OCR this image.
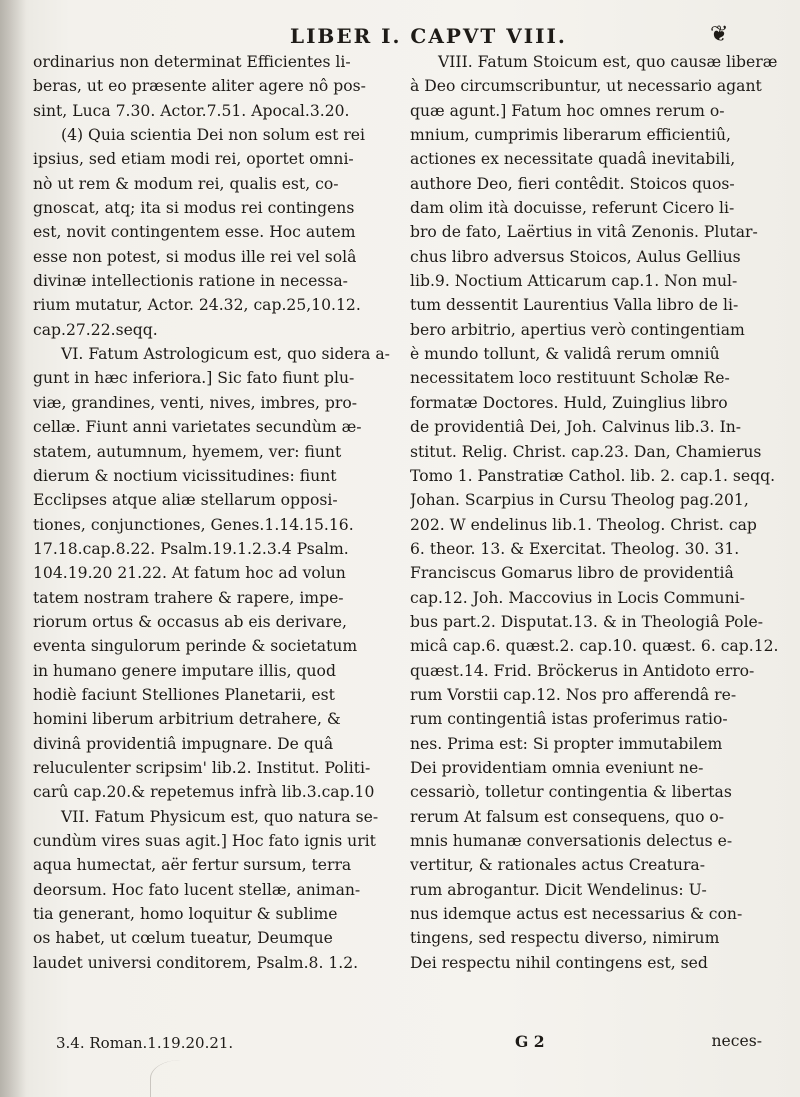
LIBER I. CAPVT VIII.	❦
ordinarius non determinat Efficientes li-
beras, ut eo præsente aliter agere nô pos-
sint, Luca 7.30. Actor.7.51. Apocal.3.20.
(4) Quia scientia Dei non solum est rei
ipsius, sed etiam modi rei, oportet omni-
nò ut rem & modum rei, qualis est, co-
gnoscat, atq; ita si modus rei contingens
est, novit contingentem esse. Hoc autem
esse non potest, si modus ille rei vel solâ
divinæ intellectionis ratione in necessa-
rium mutatur, Actor. 24.32, cap.25,10.12.
cap.27.22.seqq.
VI. Fatum Astrologicum est, quo sidera a-
gunt in hæc inferiora.] Sic fato fiunt plu-
viæ, grandines, venti, nives, imbres, pro-
cellæ. Fiunt anni varietates secundùm æ-
statem, autumnum, hyemem, ver: fiunt
dierum & noctium vicissitudines: fiunt
Ecclipses atque aliæ stellarum opposi-
tiones, conjunctiones, Genes.1.14.15.16.
17.18.cap.8.22. Psalm.19.1.2.3.4 Psalm.
104.19.20 21.22. At fatum hoc ad volun
tatem nostram trahere & rapere, impe-
riorum ortus & occasus ab eis derivare,
eventa singulorum perinde & societatum
in humano genere imputare illis, quod
hodiè faciunt Stelliones Planetarii, est
homini liberum arbitrium detrahere, &
divinâ providentiâ impugnare. De quâ
reluculenter scripsim' lib.2. Institut. Politi-
carû cap.20.& repetemus infrà lib.3.cap.10
VII. Fatum Physicum est, quo natura se-
cundùm vires suas agit.] Hoc fato ignis urit
aqua humectat, aër fertur sursum, terra
deorsum. Hoc fato lucent stellæ, animan-
tia generant, homo loquitur & sublime
os habet, ut cœlum tueatur, Deumque
laudet universi conditorem, Psalm.8. 1.2.
VIII. Fatum Stoicum est, quo causæ liberæ
à Deo circumscribuntur, ut necessario agant
quæ agunt.] Fatum hoc omnes rerum o-
mnium, cumprimis liberarum efficientiû,
actiones ex necessitate quadâ inevitabili,
authore Deo, fieri contêdit. Stoicos quos-
dam olim ità docuisse, referunt Cicero li-
bro de fato, Laërtius in vitâ Zenonis. Plutar-
chus libro adversus Stoicos, Aulus Gellius
lib.9. Noctium Atticarum cap.1. Non mul-
tum dessentit Laurentius Valla libro de li-
bero arbitrio, apertius verò contingentiam
è mundo tollunt, & validâ rerum omniû
necessitatem loco restituunt Scholæ Re-
formatæ Doctores. Huld, Zuinglius libro
de providentiâ Dei, Joh. Calvinus lib.3. In-
stitut. Relig. Christ. cap.23. Dan, Chamierus
Tomo 1. Panstratiæ Cathol. lib. 2. cap.1. seqq.
Johan. Scarpius in Cursu Theolog pag.201,
202. W endelinus lib.1. Theolog. Christ. cap
6. theor. 13. & Exercitat. Theolog. 30. 31.
Franciscus Gomarus libro de providentiâ
cap.12. Joh. Maccovius in Locis Communi-
bus part.2. Disputat.13. & in Theologiâ Pole-
micâ cap.6. quæst.2. cap.10. quæst. 6. cap.12.
quæst.14. Frid. Bröckerus in Antidoto erro-
rum Vorstii cap.12. Nos pro afferendâ re-
rum contingentiâ istas proferimus ratio-
nes. Prima est: Si propter immutabilem
Dei providentiam omnia eveniunt ne-
cessariò, tolletur contingentia & libertas
rerum At falsum est consequens, quo o-
mnis humanæ conversationis delectus e-
vertitur, & rationales actus Creatura-
rum abrogantur. Dicit Wendelinus: U-
nus idemque actus est necessarius & con-
tingens, sed respectu diverso, nimirum
Dei respectu nihil contingens est, sed
3.4. Roman.1.19.20.21.	G 2	neces-
